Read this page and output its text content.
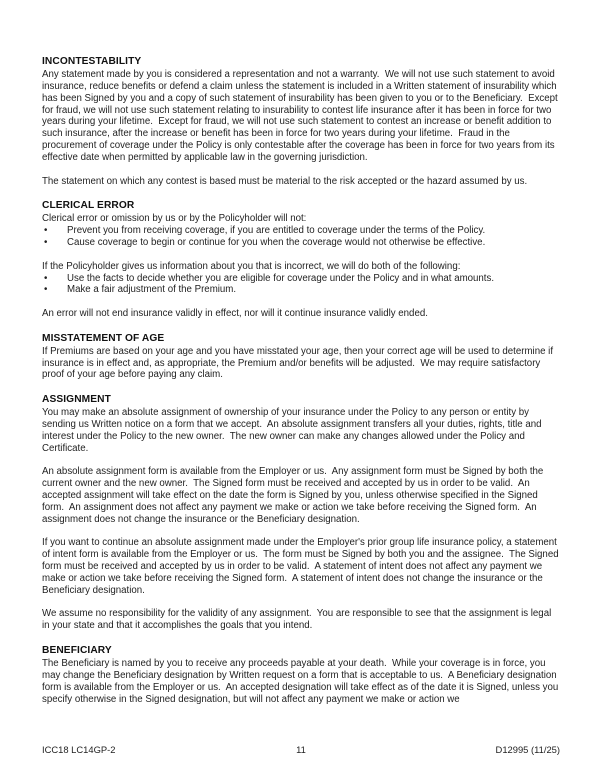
INCONTESTABILITY

Any statement made by you is considered a representation and not a warranty.  We will not use such statement to avoid insurance, reduce benefits or defend a claim unless the statement is included in a Written statement of insurability which has been Signed by you and a copy of such statement of insurability has been given to you or to the Beneficiary.  Except for fraud, we will not use such statement relating to insurability to contest life insurance after it has been in force for two years during your lifetime.  Except for fraud, we will not use such statement to contest an increase or benefit addition to such insurance, after the increase or benefit has been in force for two years during your lifetime.  Fraud in the procurement of coverage under the Policy is only contestable after the coverage has been in force for two years from its effective date when permitted by applicable law in the governing jurisdiction.

The statement on which any contest is based must be material to the risk accepted or the hazard assumed by us.

CLERICAL ERROR

Clerical error or omission by us or by the Policyholder will not:

• Prevent you from receiving coverage, if you are entitled to coverage under the terms of the Policy.
• Cause coverage to begin or continue for you when the coverage would not otherwise be effective.

If the Policyholder gives us information about you that is incorrect, we will do both of the following:

• Use the facts to decide whether you are eligible for coverage under the Policy and in what amounts.
• Make a fair adjustment of the Premium.

An error will not end insurance validly in effect, nor will it continue insurance validly ended.

MISSTATEMENT OF AGE

If Premiums are based on your age and you have misstated your age, then your correct age will be used to determine if insurance is in effect and, as appropriate, the Premium and/or benefits will be adjusted.  We may require satisfactory proof of your age before paying any claim.

ASSIGNMENT

You may make an absolute assignment of ownership of your insurance under the Policy to any person or entity by sending us Written notice on a form that we accept.  An absolute assignment transfers all your duties, rights, title and interest under the Policy to the new owner.  The new owner can make any changes allowed under the Policy and Certificate.

An absolute assignment form is available from the Employer or us.  Any assignment form must be Signed by both the current owner and the new owner.  The Signed form must be received and accepted by us in order to be valid.  An accepted assignment will take effect on the date the form is Signed by you, unless otherwise specified in the Signed form.  An assignment does not affect any payment we make or action we take before receiving the Signed form.  An assignment does not change the insurance or the Beneficiary designation.

If you want to continue an absolute assignment made under the Employer's prior group life insurance policy, a statement of intent form is available from the Employer or us.  The form must be Signed by both you and the assignee.  The Signed form must be received and accepted by us in order to be valid.  A statement of intent does not affect any payment we make or action we take before receiving the Signed form.  A statement of intent does not change the insurance or the Beneficiary designation.

We assume no responsibility for the validity of any assignment.  You are responsible to see that the assignment is legal in your state and that it accomplishes the goals that you intend.

BENEFICIARY

The Beneficiary is named by you to receive any proceeds payable at your death.  While your coverage is in force, you may change the Beneficiary designation by Written request on a form that is acceptable to us.  A Beneficiary designation form is available from the Employer or us.  An accepted designation will take effect as of the date it is Signed, unless you specify otherwise in the Signed designation, but will not affect any payment we make or action we

ICC18 LC14GP-2	11	D12995 (11/25)
